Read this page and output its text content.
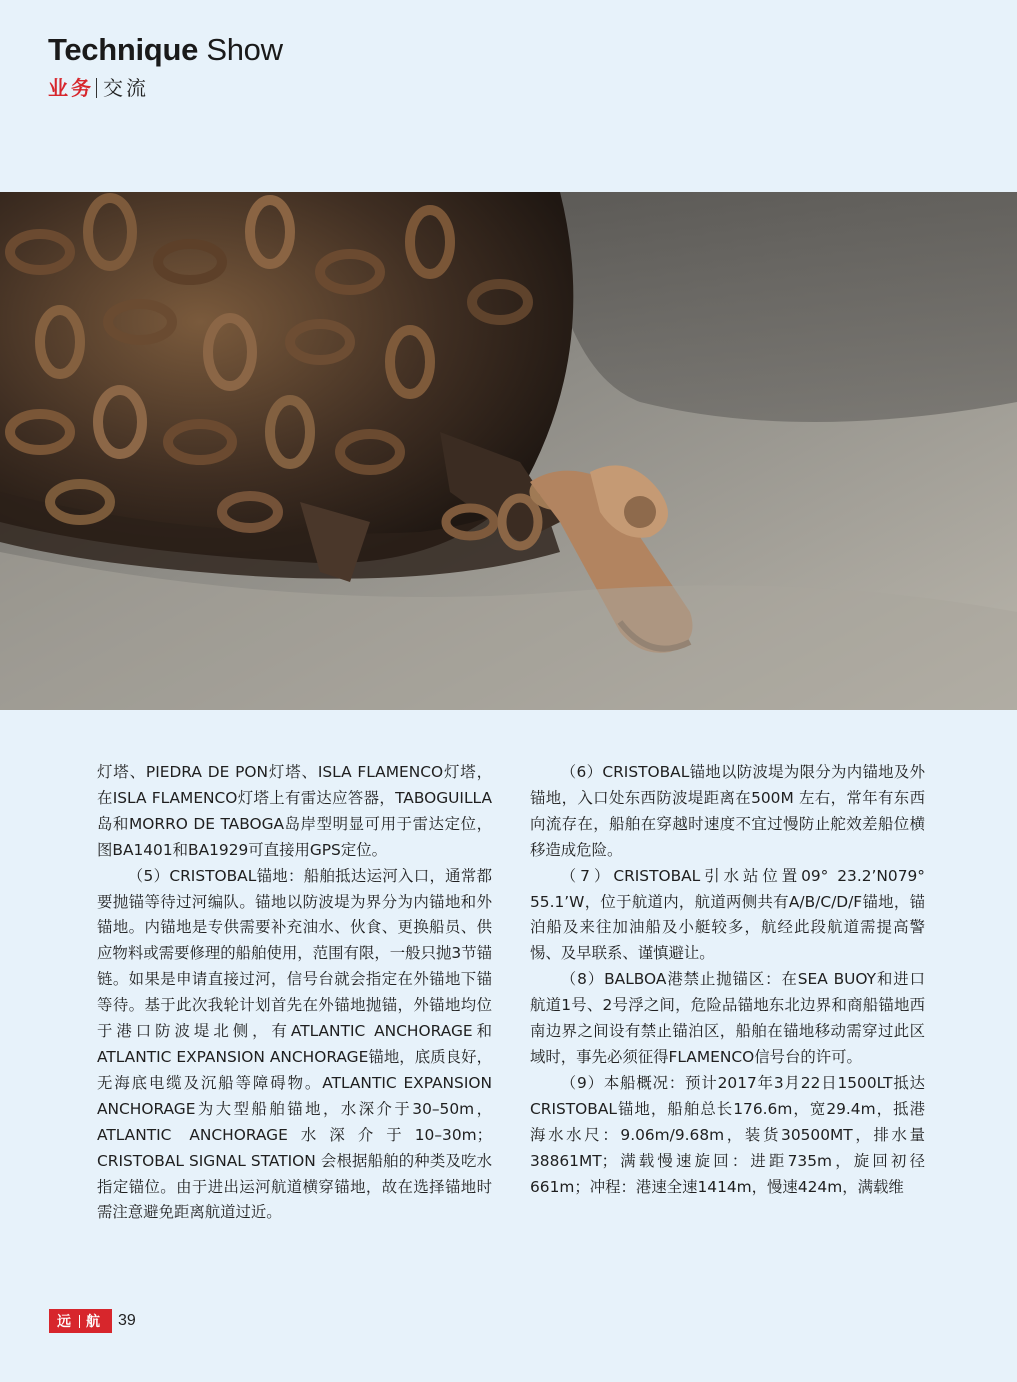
Technique Show
业务 交流

灯塔、PIEDRA DE PON灯塔、ISLA FLAMENCO灯塔，在ISLA FLAMENCO灯塔上有雷达应答器，TABOGUILLA岛和MORRO DE TABOGA岛岸型明显可用于雷达定位，图BA1401和BA1929可直接用GPS定位。

（5）CRISTOBAL锚地：船舶抵达运河入口，通常都要抛锚等待过河编队。锚地以防波堤为界分为内锚地和外锚地。内锚地是专供需要补充油水、伙食、更换船员、供应物料或需要修理的船舶使用，范围有限，一般只抛3节锚链。如果是申请直接过河，信号台就会指定在外锚地下锚等待。基于此次我轮计划首先在外锚地抛锚，外锚地均位于港口防波堤北侧，有ATLANTIC ANCHORAGE和ATLANTIC EXPANSION ANCHORAGE锚地，底质良好，无海底电缆及沉船等障碍物。ATLANTIC EXPANSION ANCHORAGE为大型船舶锚地，水深介于30–50m，ATLANTIC ANCHORAGE水深介于10–30m；CRISTOBAL SIGNAL STATION 会根据船舶的种类及吃水指定锚位。由于进出运河航道横穿锚地，故在选择锚地时需注意避免距离航道过近。

（6）CRISTOBAL锚地以防波堤为限分为内锚地及外锚地，入口处东西防波堤距离在500M 左右，常年有东西向流存在，船舶在穿越时速度不宜过慢防止舵效差船位横移造成危险。

（7）CRISTOBAL引水站位置09° 23.2’N079° 55.1’W，位于航道内，航道两侧共有A/B/C/D/F锚地，锚泊船及来往加油船及小艇较多，航经此段航道需提高警惕、及早联系、谨慎避让。

（8）BALBOA港禁止抛锚区：在SEA BUOY和进口航道1号、2号浮之间，危险品锚地东北边界和商船锚地西南边界之间设有禁止锚泊区，船舶在锚地移动需穿过此区域时，事先必须征得FLAMENCO信号台的许可。

（9）本船概况：预计2017年3月22日1500LT抵达CRISTOBAL锚地，船舶总长176.6m，宽29.4m，抵港海水水尺：9.06m/9.68m，装货30500MT，排水量38861MT；满载慢速旋回：进距735m，旋回初径661m；冲程：港速全速1414m，慢速424m，满载维

远 航 39
